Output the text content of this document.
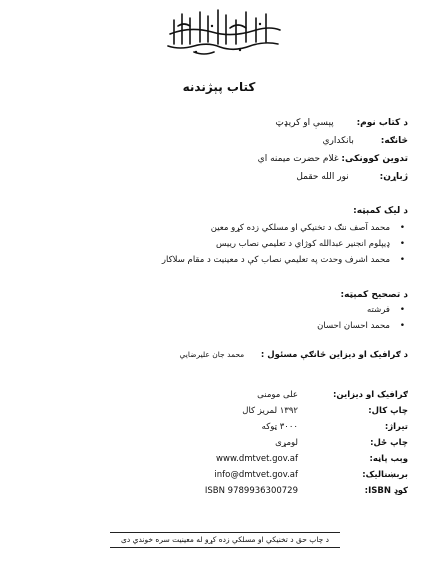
کتاب پېژندنه
د کتاب نوم: پېسې او کریډټ
څانګه: بانکداري
تدوین کوونکی: غلام حضرت میمنه اي
ژباړن: نور الله حقمل
د لیک کمېټه:
• محمد آصف ننګ د تخنیکي او مسلکي زده کړو معین
• ډیپلوم انجنیر عبدالله کوژاي د تعلیمي نصاب رییس
• محمد اشرف وحدت په تعلیمي نصاب کې د معینیت د مقام سلاکار
د تصحیح کمېټه:
• فرشته
• محمد احسان احسان
د ګرافیک او دیزاین څانګې مسئول : محمد جان علیرضایي
ګرافیک او دیزاین:
علی مومنی
چاپ کال:
۱۳۹۲ لمریز کال
تیراژ:
۳۰۰۰ ټوکه
چاپ ځل:
لومړی
وېب پاڼه:
www.dmtvet.gov.af
بربښنالیک:
info@dmtvet.gov.af
کوډ ISBN:
ISBN 9789936300729
د چاپ حق د تخنیکي او مسلکي زده کړو له معینیت سره خوندي دی
